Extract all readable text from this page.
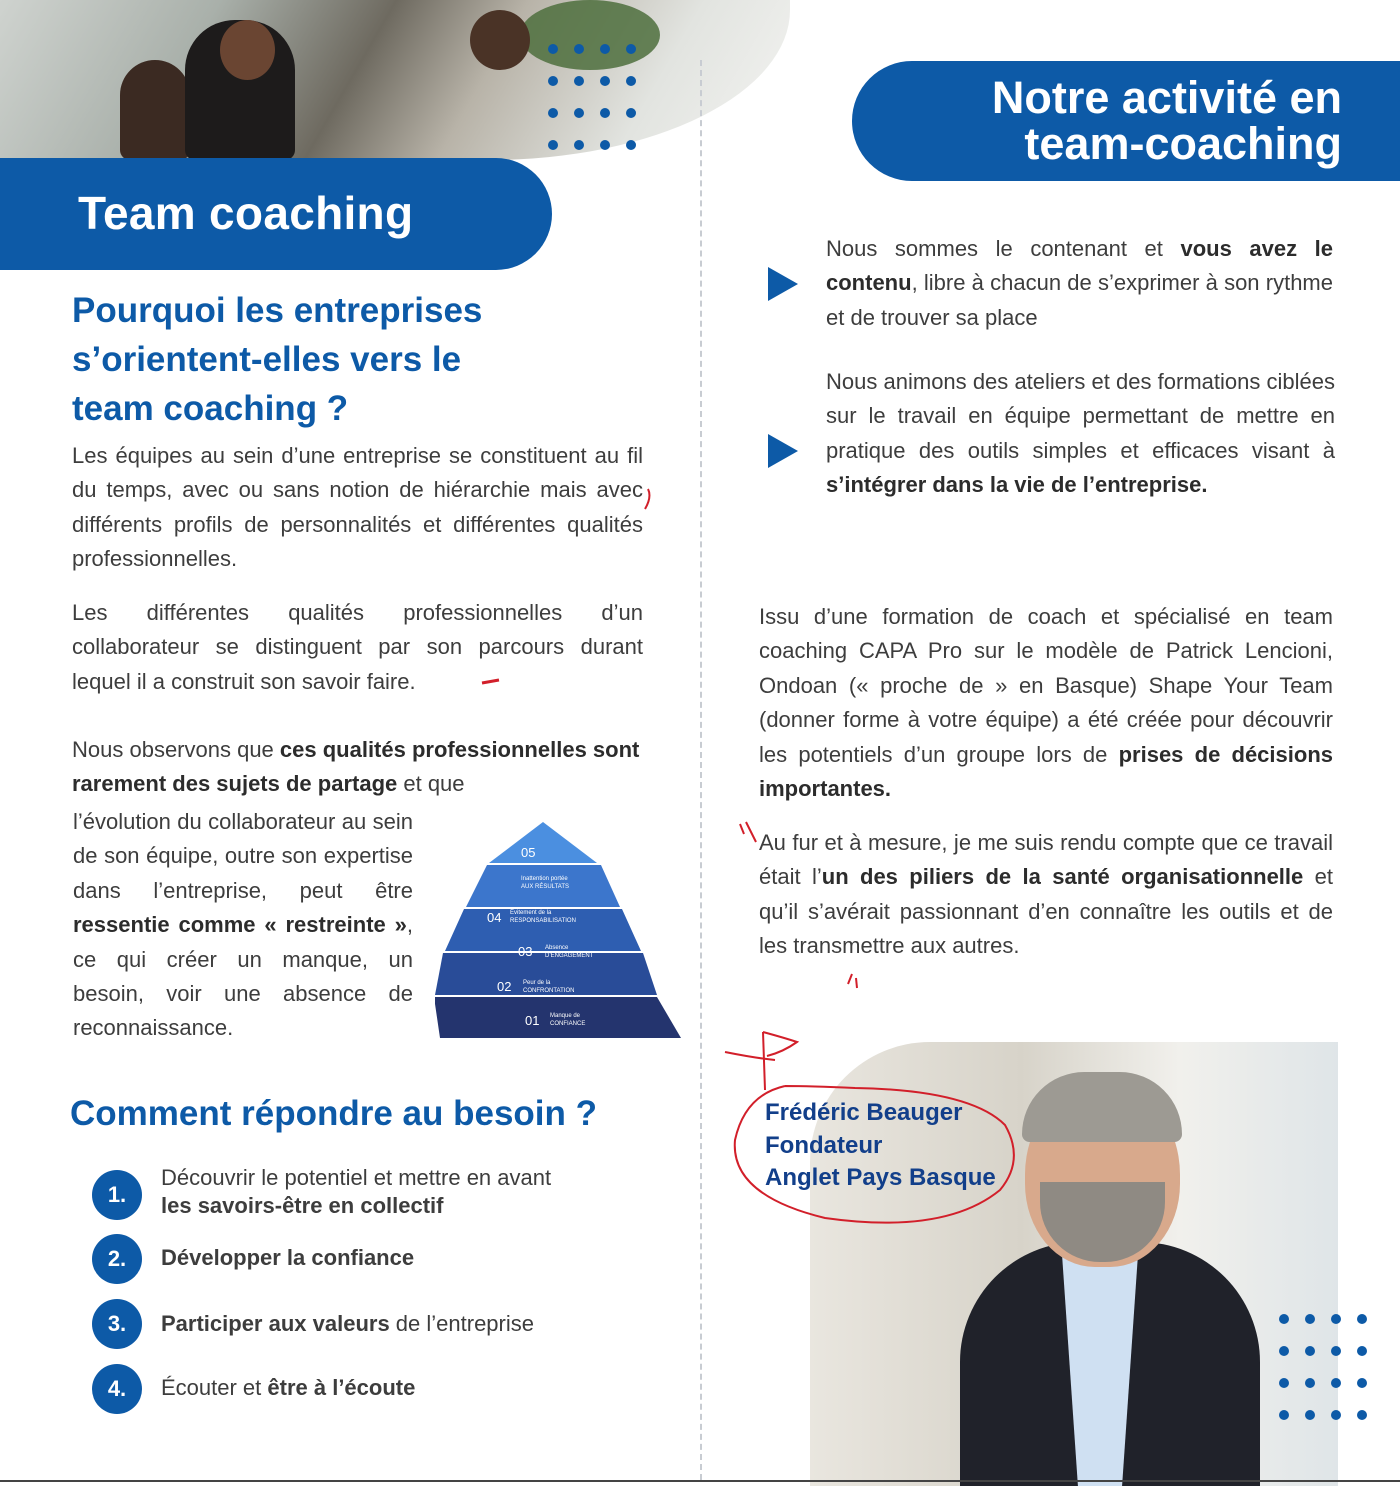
Team coaching
Notre activité en
team-coaching
Pourquoi les entreprises
s’orientent-elles vers le
team coaching ?

Les équipes au sein d’une entreprise se constituent au fil du temps, avec ou sans notion de hiérarchie mais avec différents profils de personnalités et différentes qualités professionnelles.

Les différentes qualités professionnelles d’un collaborateur se distinguent par son parcours durant lequel il a construit son savoir faire.

Nous observons que ces qualités professionnelles sont rarement des sujets de partage et que

l’évolution du collaborateur au sein de son équipe, outre son expertise dans l’entreprise, peut être ressentie comme « restreinte », ce qui créer un manque, un besoin, voir une absence de reconnaissance.

05
Inattention portée
AUX RÉSULTATS
04 Évitement de la
RESPONSABILISATION
03 Absence
D’ENGAGEMENT
02 Peur de la
CONFRONTATION
01 Manque de
CONFIANCE
Comment répondre au besoin ?
1.
Découvrir le potentiel et mettre en avant
les savoirs-être en collectif
2.	Développer la confiance
3.	Participer aux valeurs de l’entreprise
4.	Écouter et être à l’écoute

Nous sommes le contenant et vous avez le contenu, libre à chacun de s’exprimer à son rythme et de trouver sa place

Nous animons des ateliers et des formations ciblées sur le travail en équipe permettant de mettre en pratique des outils simples et efficaces visant à s’intégrer dans la vie de l’entreprise.

Issu d’une formation de coach et spécialisé en team coaching CAPA Pro sur le modèle de Patrick Lencioni, Ondoan (« proche de » en Basque) Shape Your Team (donner forme à votre équipe) a été créée pour découvrir les potentiels d’un groupe lors de prises de décisions importantes.

Au fur et à mesure, je me suis rendu compte que ce travail était l’un des piliers de la santé organisationnelle et qu’il s’avérait passionnant d’en connaître les outils et de les transmettre aux autres.

Frédéric Beauger
Fondateur
Anglet Pays Basque
